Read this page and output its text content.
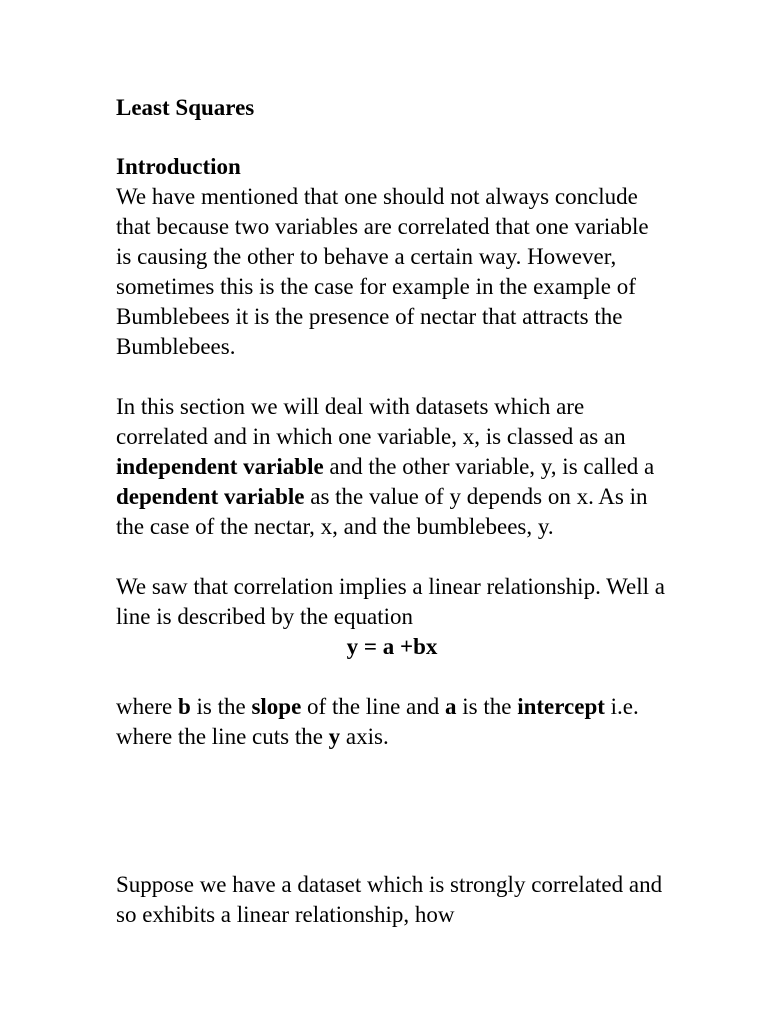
Least Squares
Introduction

We have mentioned that one should not always conclude that because two variables are correlated that one variable is causing the other to behave a certain way. However, sometimes this is the case for example in the example of Bumblebees it is the presence of nectar that attracts the Bumblebees.

In this section we will deal with datasets which are correlated and in which one variable, x, is classed as an independent variable and the other variable, y, is called a dependent variable as the value of y depends on x. As in the case of the nectar, x, and the bumblebees, y.

We saw that correlation implies a linear relationship. Well a line is described by the equation

y = a +bx

where b is the slope of the line and a is the intercept i.e. where the line cuts the y axis.

Suppose we have a dataset which is strongly correlated and so exhibits a linear relationship, how
